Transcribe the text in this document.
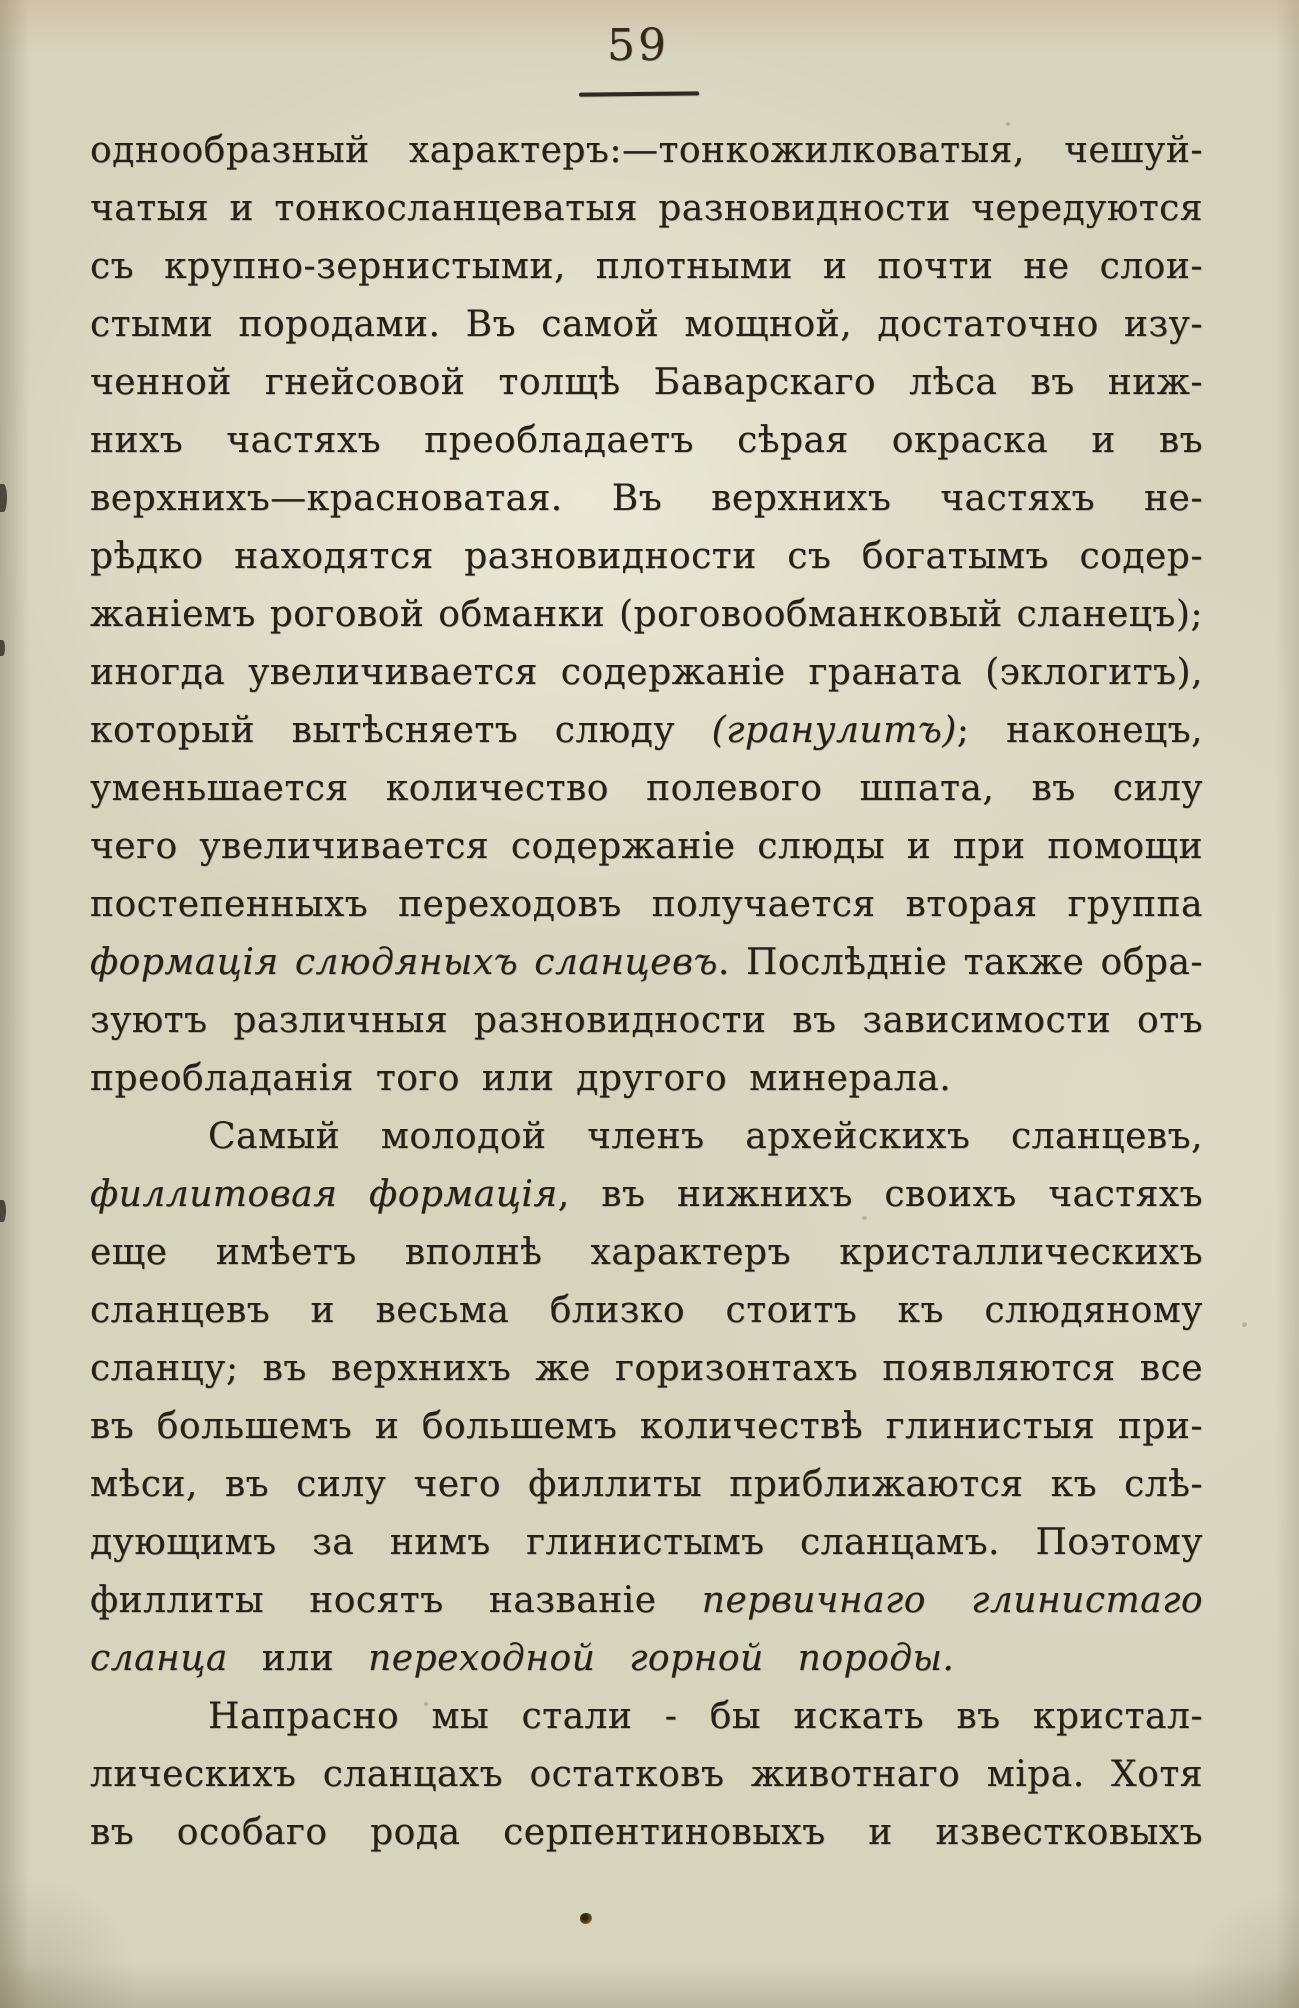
59
однообразный характеръ:—тонкожилковатыя, чешуй-
чатыя и тонкосланцеватыя разновидности чередуются
съ крупно-зернистыми, плотными и почти не слои-
стыми породами. Въ самой мощной, достаточно изу-
ченной гнейсовой толщѣ Баварскаго лѣса въ ниж-
нихъ частяхъ преобладаетъ сѣрая окраска и въ
верхнихъ—красноватая. Въ верхнихъ частяхъ не-
рѣдко находятся разновидности съ богатымъ содер-
жаніемъ роговой обманки (роговообманковый сланецъ);
иногда увеличивается содержаніе граната (эклогитъ),
который вытѣсняетъ слюду (гранулитъ); наконецъ,
уменьшается количество полевого шпата, въ силу
чего увеличивается содержаніе слюды и при помощи
постепенныхъ переходовъ получается вторая группа
формація слюдяныхъ сланцевъ. Послѣдніе также обра-
зуютъ различныя разновидности въ зависимости отъ
преобладанія того или другого минерала.
Самый молодой членъ архейскихъ сланцевъ,
филлитовая формація, въ нижнихъ своихъ частяхъ
еще имѣетъ вполнѣ характеръ кристаллическихъ
сланцевъ и весьма близко стоитъ къ слюдяному
сланцу; въ верхнихъ же горизонтахъ появляются все
въ большемъ и большемъ количествѣ глинистыя при-
мѣси, въ силу чего филлиты приближаются къ слѣ-
дующимъ за нимъ глинистымъ сланцамъ. Поэтому
филлиты носятъ названіе первичнаго глинистаго
сланца или переходной горной породы.
Напрасно мы стали - бы искать въ кристал-
лическихъ сланцахъ остатковъ животнаго міра. Хотя
въ особаго рода серпентиновыхъ и известковыхъ
